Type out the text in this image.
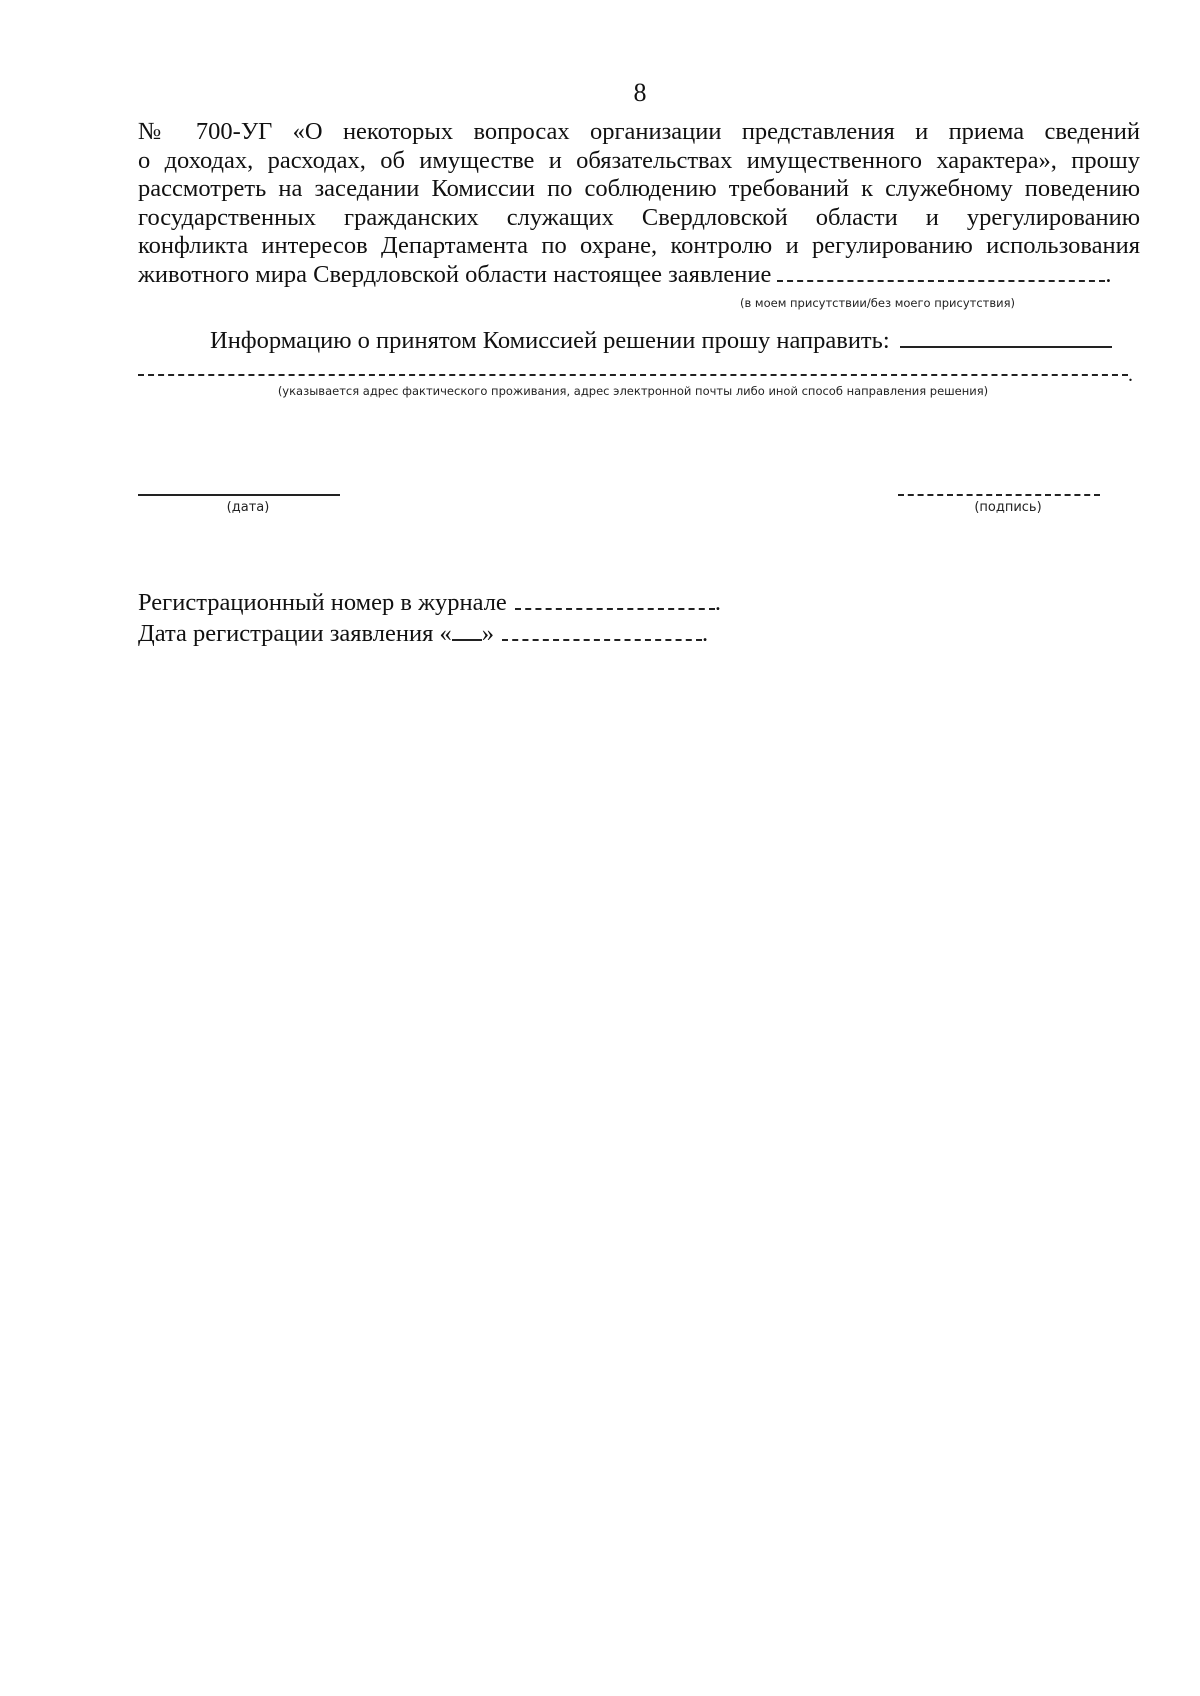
8
№ 700-УГ «О некоторых вопросах организации представления и приема сведений
о доходах, расходах, об имуществе и обязательствах имущественного характера», прошу
рассмотреть на заседании Комиссии по соблюдению требований к служебному поведению
государственных гражданских служащих Свердловской области и урегулированию
конфликта интересов Департамента по охране, контролю и регулированию использования
животного мира Свердловской области настоящее заявление	.
(в моем присутствии/без моего присутствия)
Информацию о принятом Комиссией решении прошу направить:
.
(указывается адрес фактического проживания, адрес электронной почты либо иной способ направления решения)
(дата)	(подпись)
Регистрационный номер в журнале	.
Дата регистрации заявления « »	.
